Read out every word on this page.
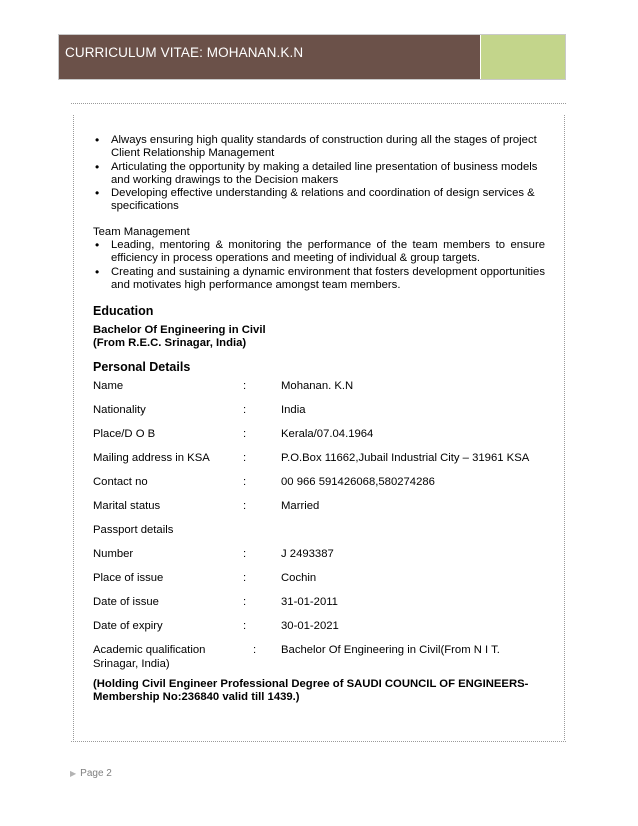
CURRICULUM VITAE: MOHANAN.K.N
• Always ensuring high quality standards of construction during all the stages of project Client Relationship Management
• Articulating the opportunity by making a detailed line presentation of business models and working drawings to the Decision makers
• Developing effective understanding & relations and coordination of design services & specifications
Team Management
• Leading, mentoring & monitoring the performance of the team members to ensure efficiency in process operations and meeting of individual & group targets.
• Creating and sustaining a dynamic environment that fosters development opportunities and motivates high performance amongst team members.
Education
Bachelor Of Engineering in Civil
(From R.E.C. Srinagar, India)
Personal Details
Name	:	Mohanan. K.N
Nationality	:	India
Place/D O B	:	Kerala/07.04.1964
Mailing address in KSA	:	P.O.Box 11662,Jubail Industrial City – 31961 KSA
Contact no	:	00 966 591426068,580274286
Marital status	:	Married
Passport details		
Number	:	J 2493387
Place of issue	:	Cochin
Date of issue	:	31-01-2011
Date of expiry	:	30-01-2021
Academic qualification	:	Bachelor Of Engineering in Civil(From N I T.
Srinagar, India)
(Holding Civil Engineer Professional Degree of SAUDI COUNCIL OF ENGINEERS- Membership No:236840 valid till 1439.)
▶ Page 2
